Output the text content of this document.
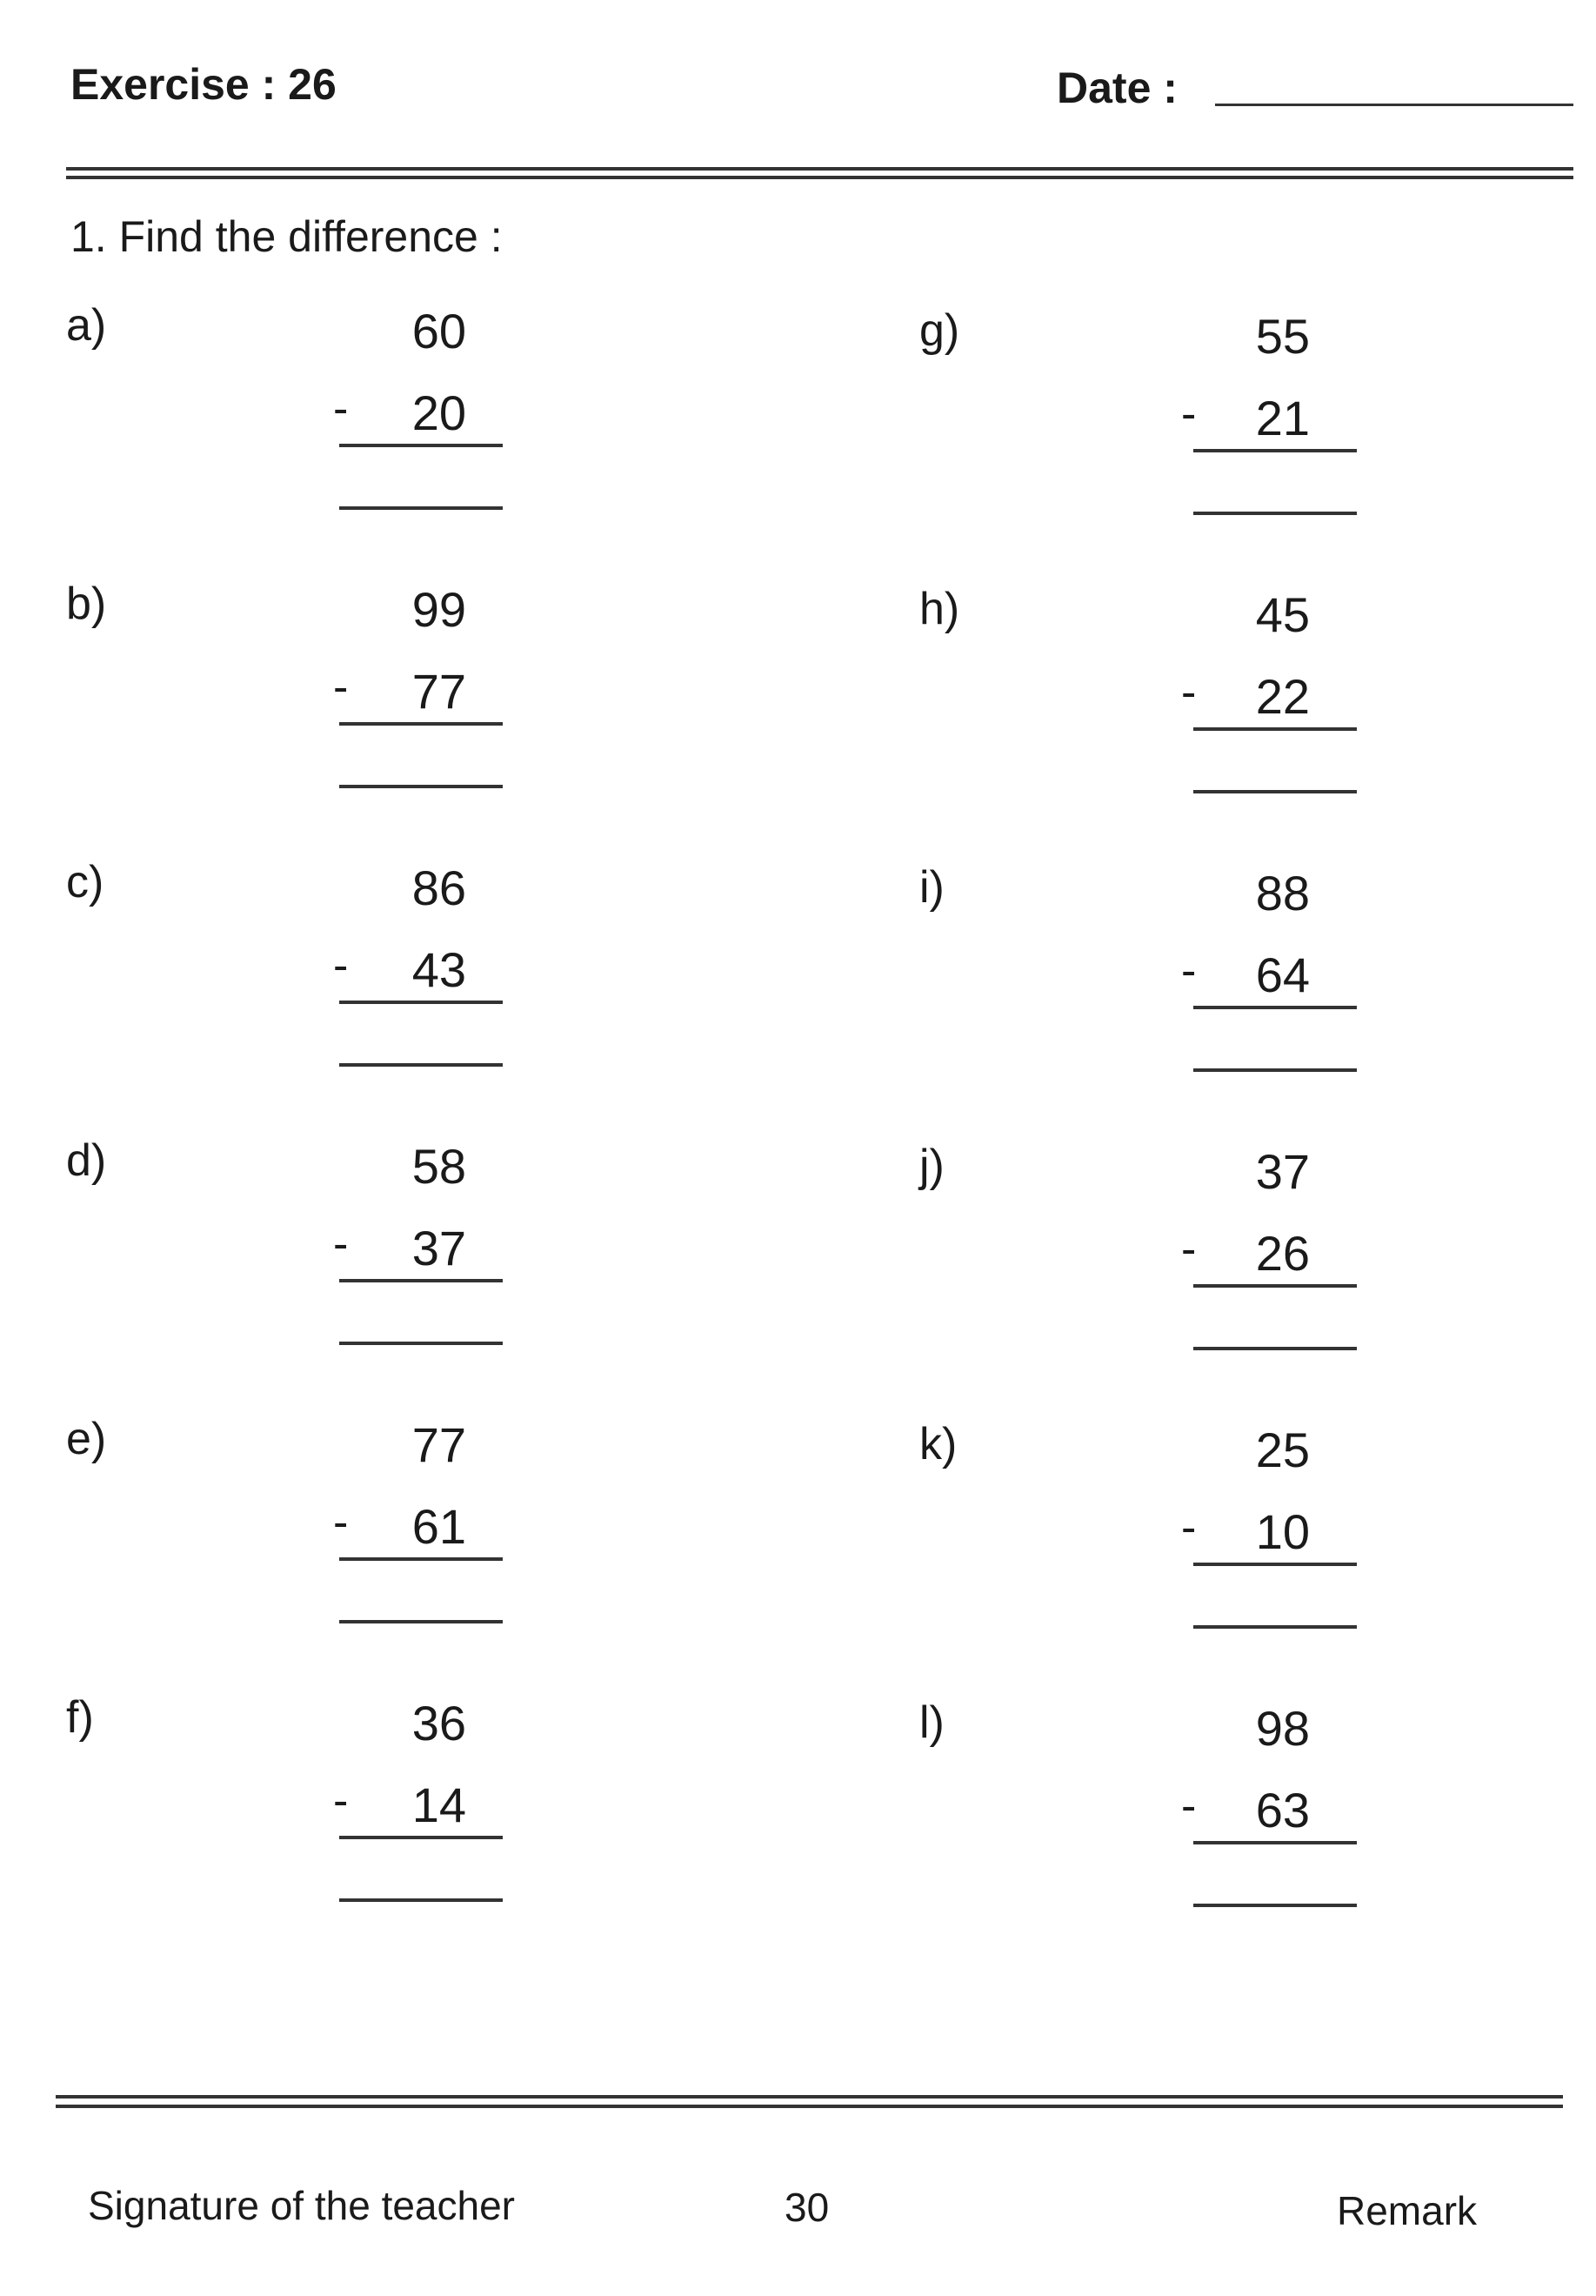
Exercise : 26	Date :
1. Find the difference :
a)	60
-	20
b)	99
-	77
c)	86
-	43
d)	58
-	37
e)	77
-	61
f)	36
-	14
g)	55
-	21
h)	45
-	22
i)	88
-	64
j)	37
-	26
k)	25
-	10
l)	98
-	63
Signature of the teacher	30	Remark
